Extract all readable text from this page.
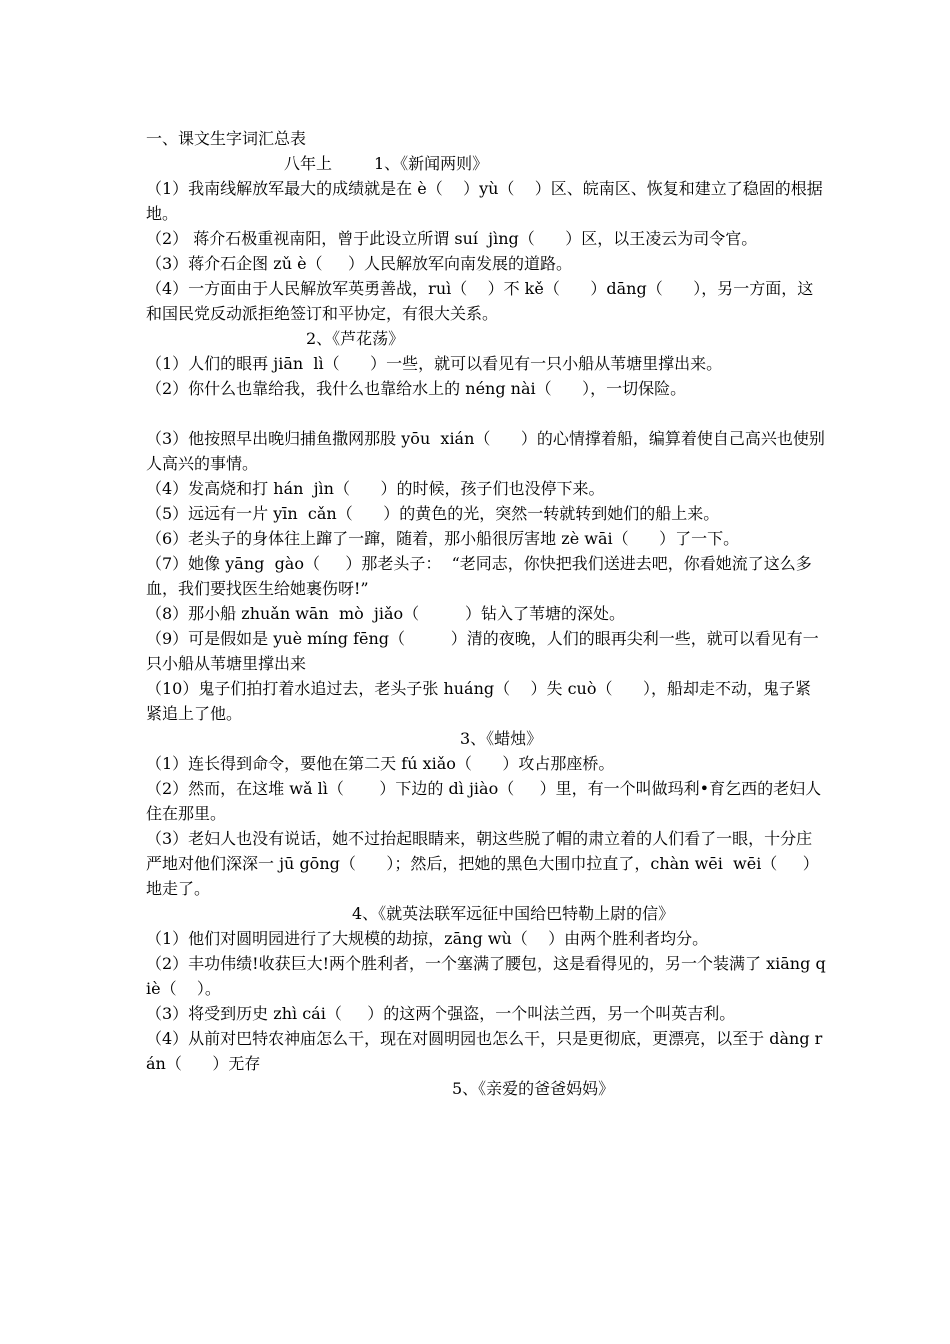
一、课文生字词汇总表
八年上	1、《新闻两则》

（1）我南线解放军最大的成绩就是在 è（    ）yù（    ）区、皖南区、恢复和建立了稳固的根据地。

（2） 蒋介石极重视南阳，曾于此设立所谓 suí  jìng（      ）区，以王凌云为司令官。

（3）蒋介石企图 zǔ è（     ）人民解放军向南发展的道路。

（4）一方面由于人民解放军英勇善战，ruì（    ）不 kě（      ）dāng（      ），另一方面，这和国民党反动派拒绝签订和平协定，有很大关系。

2、《芦花荡》

（1）人们的眼再 jiān  lì（      ）一些，就可以看见有一只小船从苇塘里撑出来。

（2）你什么也靠给我，我什么也靠给水上的 néng nài（      ），一切保险。

（3）他按照早出晚归捕鱼撒网那股 yōu  xián（      ）的心情撑着船，编算着使自己高兴也使别人高兴的事情。

（4）发高烧和打 hán  jìn（      ）的时候，孩子们也没停下来。

（5）远远有一片 yīn  cǎn（      ）的黄色的光，突然一转就转到她们的船上来。

（6）老头子的身体往上蹿了一蹿，随着，那小船很厉害地 zè wāi（      ）了一下。

（7）她像 yāng  gào（     ）那老头子：  “老同志，你快把我们送进去吧，你看她流了这么多血，我们要找医生给她裹伤呀!”

（8）那小船 zhuǎn wān  mò  jiǎo（         ）钻入了苇塘的深处。

（9）可是假如是 yuè míng fēng（         ）清的夜晚，人们的眼再尖利一些，就可以看见有一只小船从苇塘里撑出来

（10）鬼子们拍打着水追过去，老头子张 huáng（    ）失 cuò（      ），船却走不动，鬼子紧紧追上了他。

3、《蜡烛》

（1）连长得到命令，要他在第二天 fú xiǎo（      ）攻占那座桥。

（2）然而，在这堆 wǎ lì（       ）下边的 dì jiào（     ）里，有一个叫做玛利•育乞西的老妇人住在那里。

（3）老妇人也没有说话，她不过抬起眼睛来，朝这些脱了帽的肃立着的人们看了一眼，十分庄严地对他们深深一 jū gōng（      ）；然后，把她的黑色大围巾拉直了，chàn wēi  wēi（     ）地走了。

4、《就英法联军远征中国给巴特勒上尉的信》

（1）他们对圆明园进行了大规模的劫掠，zāng wù（    ）由两个胜利者均分。

（2）丰功伟绩!收获巨大!两个胜利者，一个塞满了腰包，这是看得见的，另一个装满了 xiāng qiè（    ）。

（3）将受到历史 zhì cái（     ）的这两个强盗，一个叫法兰西，另一个叫英吉利。

（4）从前对巴特农神庙怎么干，现在对圆明园也怎么干，只是更彻底，更漂亮，以至于 dàng rán（      ）无存

5、《亲爱的爸爸妈妈》
